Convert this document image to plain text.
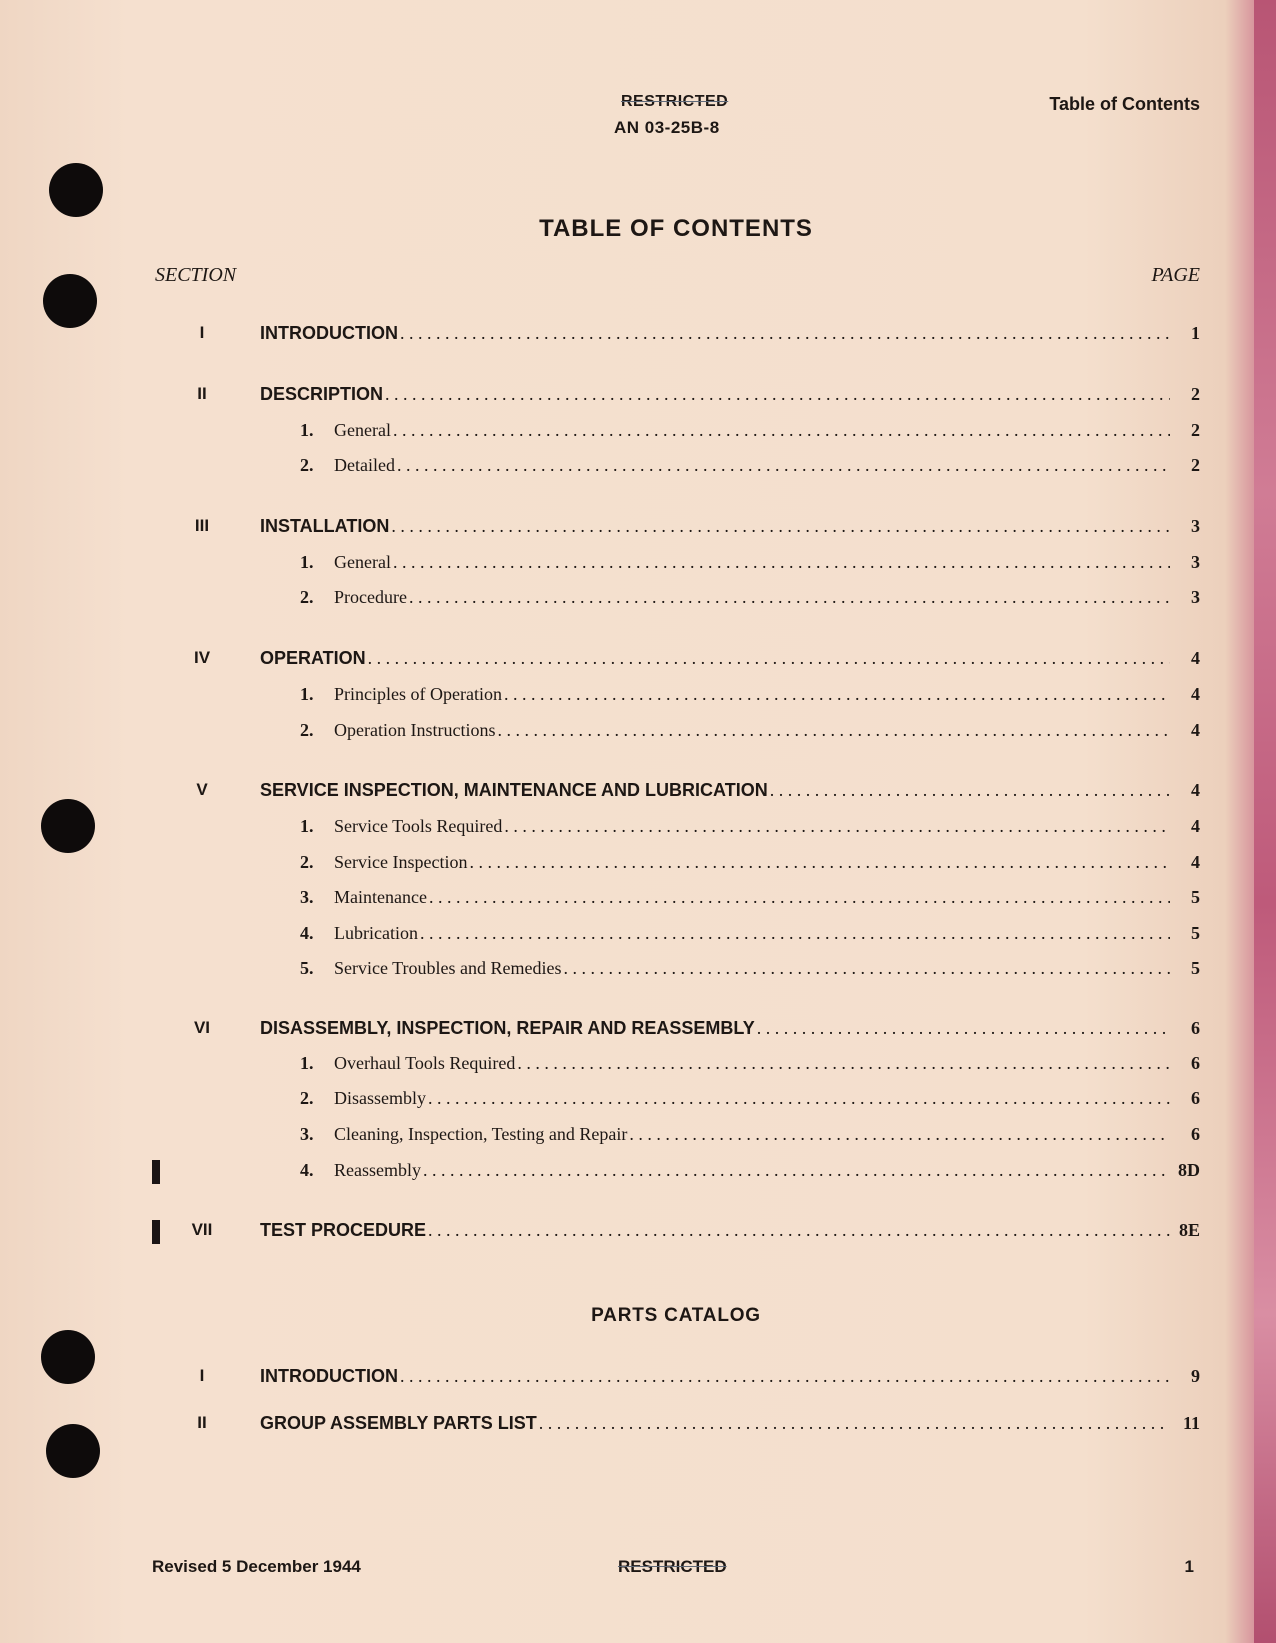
RESTRICTED
AN 03-25B-8
Table of Contents
TABLE OF CONTENTS
SECTION	PAGE
I	INTRODUCTION . . .	1
II	DESCRIPTION . . .	2
1.	General . . .	2
2.	Detailed . . .	2
III	INSTALLATION . . .	3
1.	General . . .	3
2.	Procedure . . .	3
IV	OPERATION . . .	4
1.	Principles of Operation . . .	4
2.	Operation Instructions . . .	4
V	SERVICE INSPECTION, MAINTENANCE AND LUBRICATION . . .	4
1.	Service Tools Required . . .	4
2.	Service Inspection . . .	4
3.	Maintenance . . .	5
4.	Lubrication . . .	5
5.	Service Troubles and Remedies . . .	5
VI	DISASSEMBLY, INSPECTION, REPAIR AND REASSEMBLY . . .	6
1.	Overhaul Tools Required . . .	6
2.	Disassembly . . .	6
3.	Cleaning, Inspection, Testing and Repair . . .	6
4.	Reassembly . . .	8D
VII	TEST PROCEDURE . . .	8E
PARTS CATALOG
I	INTRODUCTION . . .	9
II	GROUP ASSEMBLY PARTS LIST . . .	11
Revised 5 December 1944	RESTRICTED	1
